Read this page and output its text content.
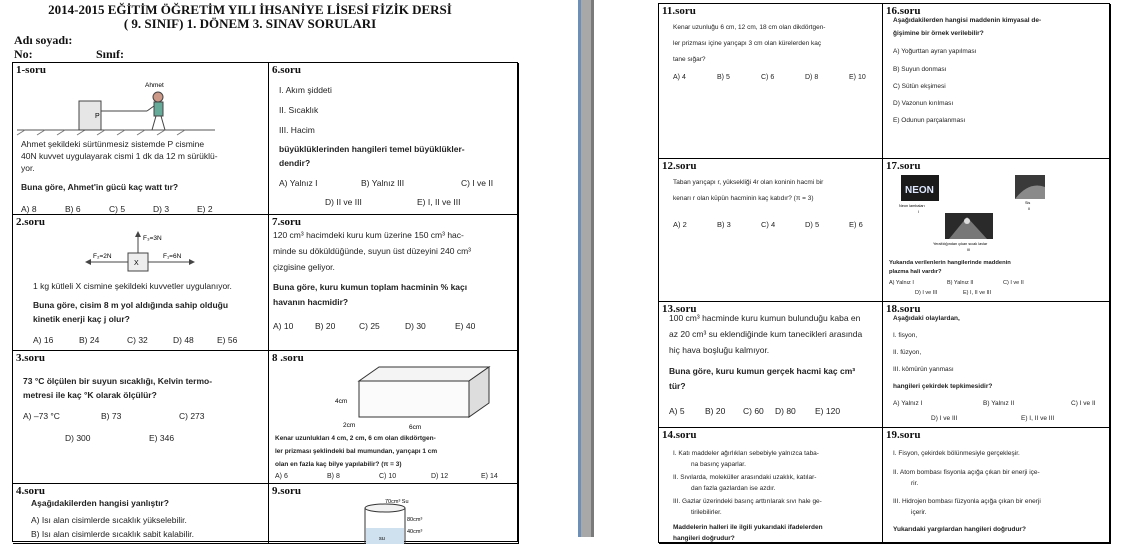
2014-2015 EĞİTİM ÖĞRETİM YILI İHSANİYE LİSESİ FİZİK DERSİ
( 9. SINIF) 1. DÖNEM 3. SINAV SORULARI
Adı soyadı:
No:	Sınıf:
1-soru
P
Ahmet
Ahmet şekildeki sürtünmesiz sistemde P cismine
40N kuvvet uygulayarak cismi 1 dk da 12 m sürüklü-
yor.
Buna göre, Ahmet'in gücü kaç watt tır?
A) 8	B) 6	C) 5	D) 3	E) 2
2.soru
X
F₁=6N
F₂=2N
F₃=3N
1 kg kütleli X cismine şekildeki kuvvetler uygulanıyor.
Buna göre, cisim 8 m yol aldığında sahip olduğu
kinetik enerji kaç j olur?
A) 16	B) 24	C) 32	D) 48	E) 56
3.soru
73 °C ölçülen bir suyun sıcaklığı, Kelvin termo-
metresi ile kaç °K olarak ölçülür?
A) –73 °C	B) 73	C) 273
D) 300	E) 346
4.soru
Aşağıdakilerden hangisi yanlıştır?
A) Isı alan cisimlerde sıcaklık yükselebilir.
B) Isı alan cisimlerde sıcaklık sabit kalabilir.
6.soru
I. Akım şiddeti
II. Sıcaklık
III. Hacim
büyüklüklerinden hangileri temel büyüklükler-
dendir?
A) Yalnız I	B) Yalnız III	C) I ve II
D) II ve III	E) I, II ve III
7.soru
120 cm³ hacimdeki kuru kum üzerine 150 cm³ hac-
minde su döküldüğünde, suyun üst düzeyini 240 cm³
çizgisine geliyor.
Buna göre, kuru kumun toplam hacminin % kaçı
havanın hacmidir?
A) 10	B) 20	C) 25	D) 30	E) 40
8 .soru
4cm
2cm	6cm
Kenar uzunlukları 4 cm, 2 cm, 6 cm olan dikdörtgen-
ler prizması şeklindeki bal mumundan, yarıçapı 1 cm
olan en fazla kaç bilye yapılabilir? (π = 3)
A) 6	B) 8	C) 10	D) 12	E) 14
9.soru
70cm³ Su
80cm³
40cm³
su
11.soru
Kenar uzunluğu 6 cm, 12 cm, 18 cm olan dikdörtgen-
ler prizması içine yarıçapı 3 cm olan kürelerden kaç
tane sığar?
A) 4	B) 5	C) 6	D) 8	E) 10
12.soru
Taban yarıçapı r, yüksekliği 4r olan koninin hacmi bir
kenarı r olan küpün hacminin kaç katıdır? (π = 3)
A) 2	B) 3	C) 4	D) 5	E) 6
13.soru
100 cm³ hacminde kuru kumun bulunduğu kaba en
az 20 cm³ su eklendiğinde kum tanecikleri arasında
hiç hava boşluğu kalmıyor.
Buna göre, kuru kumun gerçek hacmi kaç cm³
tür?
A) 5 B) 20 C) 60 D) 80 E) 120
14.soru
I. Katı maddeler ağırlıkları sebebiyle yalnızca taba-
na basınç yaparlar.
II. Sıvılarda, moleküller arasındaki uzaklık, katılar-
dan fazla gazlardan ise azdır.
III. Gazlar üzerindeki basınç arttırılarak sıvı hale ge-
tirilebilirler.
Maddelerin halleri ile ilgili yukarıdaki ifadelerden
hangileri doğrudur?
16.soru
Aşağıdakilerden hangisi maddenin kimyasal de-
ğişimine bir örnek verilebilir?
A) Yoğurttan ayran yapılması
B) Suyun donması
C) Sütün ekşimesi
D) Vazonun kırılması
E) Odunun parçalanması
17.soru
NEON
Neon lambaları
I
Sis
II
Yeraltılığından çıkan sıcak lavlar
III
Yukarıda verilenlerin hangilerinde maddenin
plazma hali vardır?
A) Yalnız I	B) Yalnız II	C) I ve II
D) I ve III	E) I, II ve III
18.soru
Aşağıdaki olaylardan,
I. fisyon,
II. füzyon,
III. kömürün yanması
hangileri çekirdek tepkimesidir?
A) Yalnız I	B) Yalnız II	C) I ve II
D) I ve III	E) I, II ve III
19.soru
I. Fisyon, çekirdek bölünmesiyle gerçekleşir.
II. Atom bombası fisyonla açığa çıkan bir enerji içe-
rir.
III. Hidrojen bombası füzyonla açığa çıkan bir enerji
içerir.
Yukarıdaki yargılardan hangileri doğrudur?
